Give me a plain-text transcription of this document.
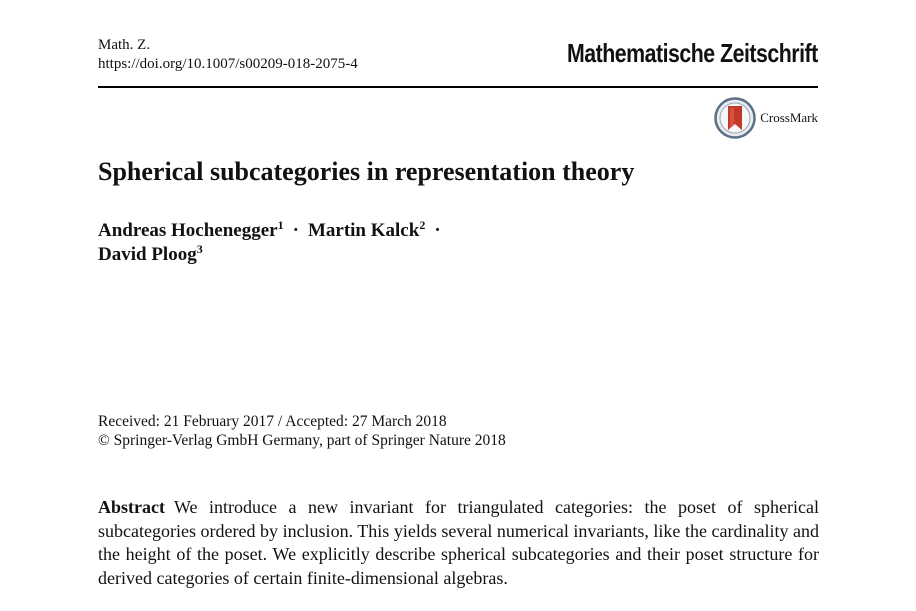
Math. Z.
https://doi.org/10.1007/s00209-018-2075-4	Mathematische Zeitschrift
CrossMark
Spherical subcategories in representation theory
Andreas Hochenegger$^1$ · Martin Kalck$^2$ ·
David Ploog$^3$
Received: 21 February 2017 / Accepted: 27 March 2018
© Springer-Verlag GmbH Germany, part of Springer Nature 2018

Abstract We introduce a new invariant for triangulated categories: the poset of spherical subcategories ordered by inclusion. This yields several numerical invariants, like the cardinality and the height of the poset. We explicitly describe spherical subcategories and their poset structure for derived categories of certain finite-dimensional algebras.
